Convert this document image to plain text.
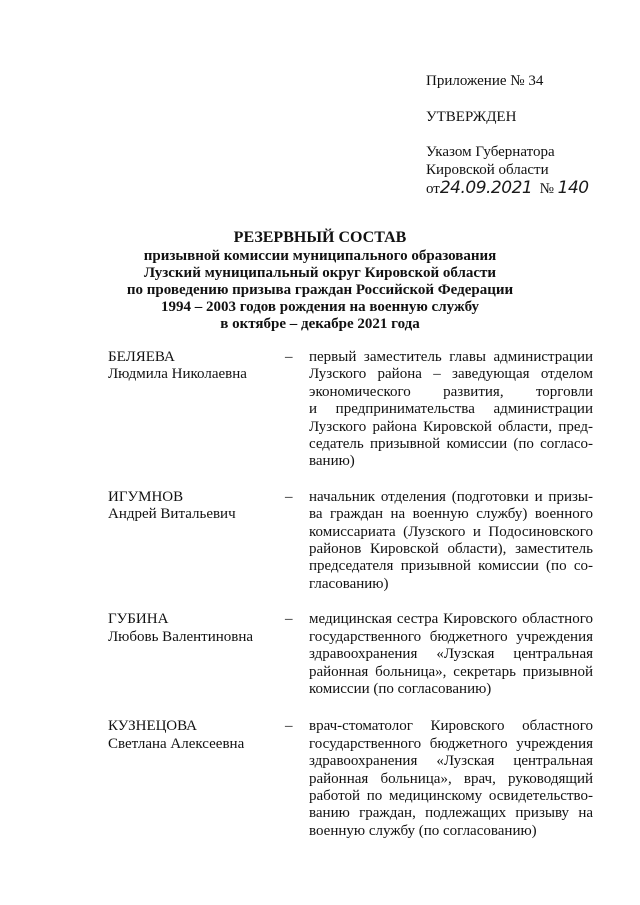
Приложение № 34
УТВЕРЖДЕН
Указом Губернатора
Кировской области
от24.09.2021 № 140
РЕЗЕРВНЫЙ СОСТАВ
призывной комиссии муниципального образования
Лузский муниципальный округ Кировской области
по проведению призыва граждан Российской Федерации
1994 – 2003 годов рождения на военную службу
в октябре – декабре 2021 года
БЕЛЯЕВА
Людмила Николаевна
–	первый заместитель главы администрации
Лузского района – заведующая отделом
экономического развития, торговли
и предпринимательства администрации
Лузского района Кировской области, пред-
седатель призывной комиссии (по согласо-
ванию)
ИГУМНОВ
Андрей Витальевич
–	начальник отделения (подготовки и призы-
ва граждан на военную службу) военного
комиссариата (Лузского и Подосиновского
районов Кировской области), заместитель
председателя призывной комиссии (по со-
гласованию)
ГУБИНА
Любовь Валентиновна
–	медицинская сестра Кировского областного
государственного бюджетного учреждения
здравоохранения «Лузская центральная
районная больница», секретарь призывной
комиссии (по согласованию)
КУЗНЕЦОВА
Светлана Алексеевна
–	врач-стоматолог Кировского областного
государственного бюджетного учреждения
здравоохранения «Лузская центральная
районная больница», врач, руководящий
работой по медицинскому освидетельство-
ванию граждан, подлежащих призыву на
военную службу (по согласованию)
